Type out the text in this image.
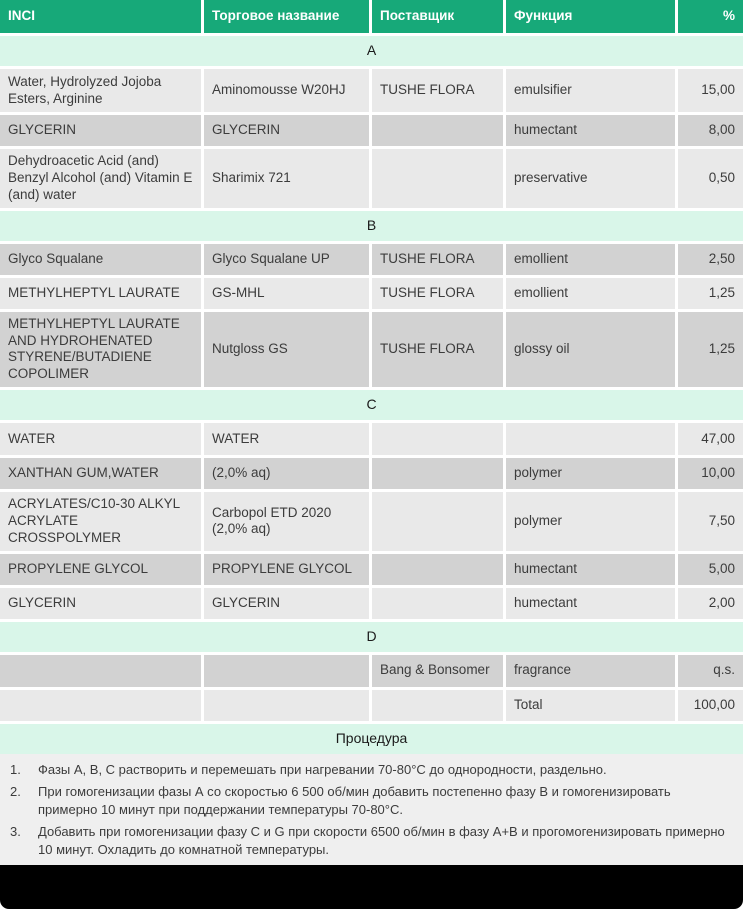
INCI	Торговое название	Поставщик	Функция	%
A				
Water, Hydrolyzed Jojoba Esters, Arginine	Aminomousse W20HJ	TUSHE FLORA	emulsifier	15,00
GLYCERIN	GLYCERIN		humectant	8,00
Dehydroacetic Acid (and) Benzyl Alcohol (and) Vitamin E (and) water	Sharimix 721		preservative	0,50
B				
Glyco Squalane	Glyco Squalane UP	TUSHE FLORA	emollient	2,50
METHYLHEPTYL LAURATE	GS-MHL	TUSHE FLORA	emollient	1,25
METHYLHEPTYL LAURATE AND HYDROHENATED STYRENE/BUTADIENE COPOLIMER	Nutgloss GS	TUSHE FLORA	glossy oil	1,25
C				
WATER	WATER			47,00
XANTHAN GUM,WATER	(2,0% aq)		polymer	10,00
ACRYLATES/C10-30 ALKYL ACRYLATE CROSSPOLYMER	Carbopol ETD 2020 (2,0% aq)		polymer	7,50
PROPYLENE GLYCOL	PROPYLENE GLYCOL		humectant	5,00
GLYCERIN	GLYCERIN		humectant	2,00
D				
		Bang & Bonsomer	fragrance	q.s.
			Total	100,00
Процедура				
1.	Фазы А, В, С растворить и перемешать при нагревании 70-80°С до однородности, раздельно.
2.	При гомогенизации фазы А со скоростью 6 500 об/мин добавить постепенно фазу В и гомогенизировать примерно 10 минут при поддержании температуры 70-80°С.
3.	Добавить при гомогенизации фазу C и G при скорости 6500 об/мин в фазу А+В и прогомогенизировать примерно 10 минут. Охладить до комнатной температуры.
